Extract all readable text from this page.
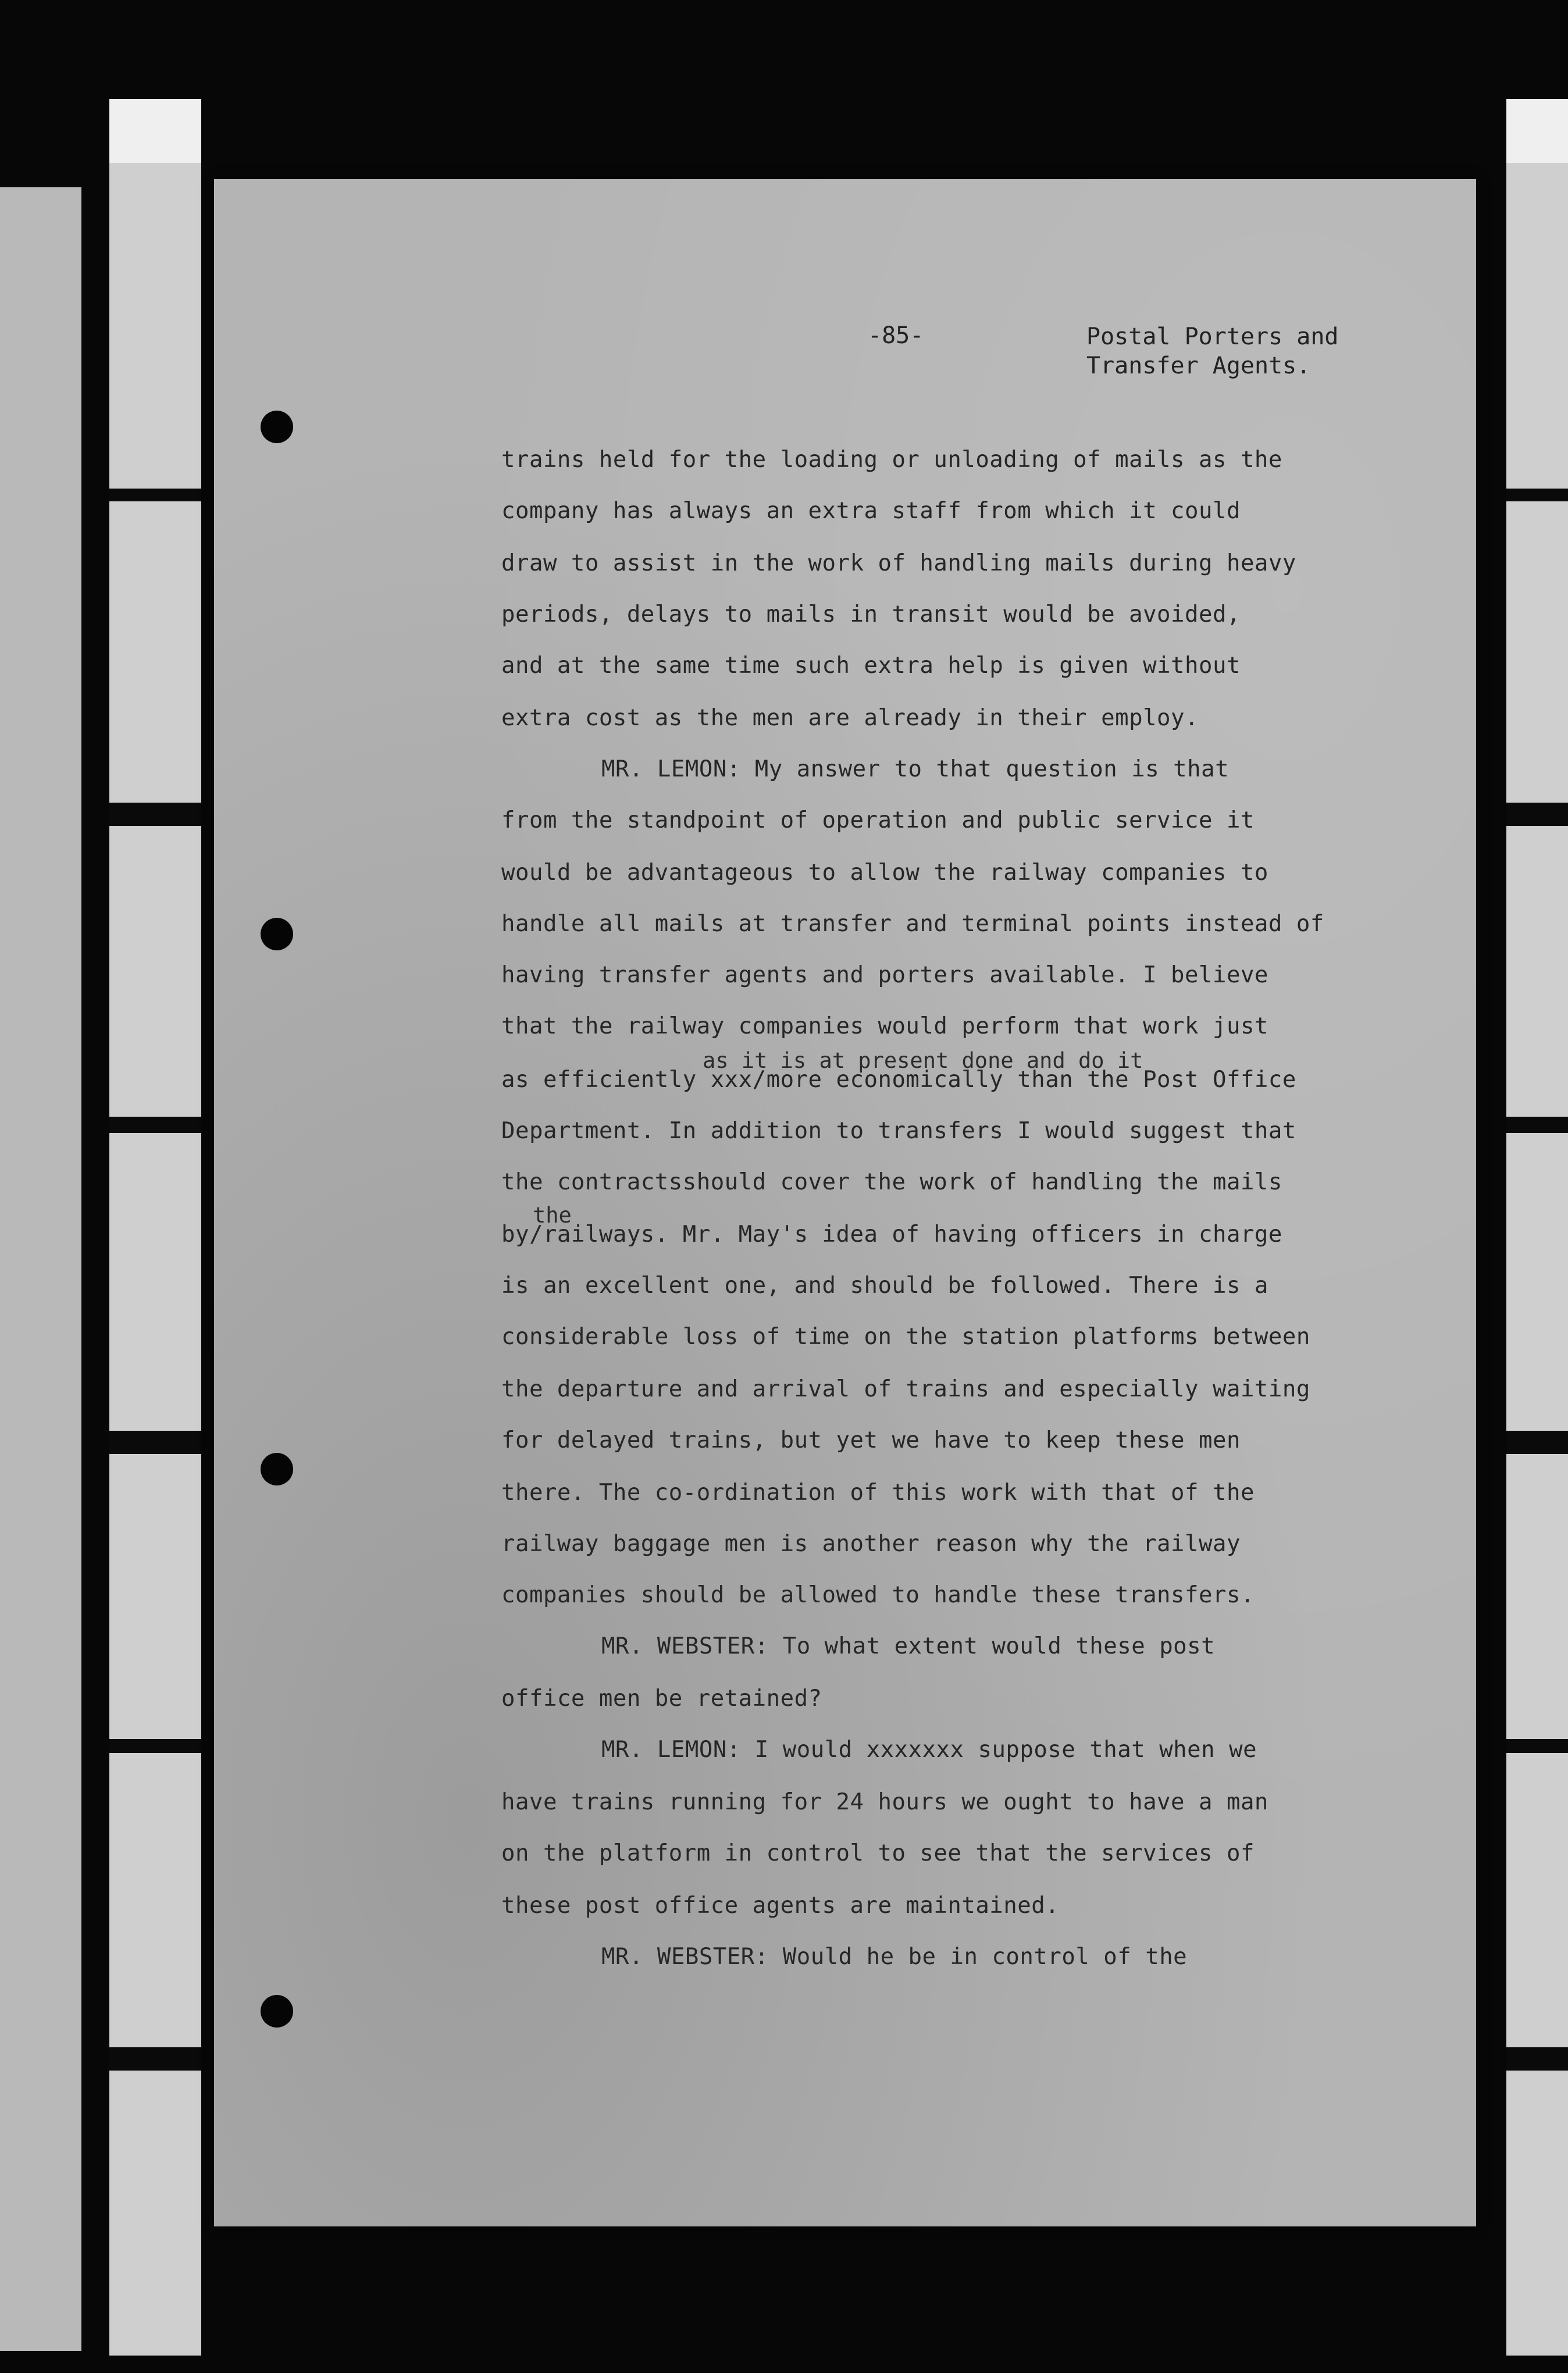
-85-	Postal Porters and
Transfer Agents.
trains held for the loading or unloading of mails as the
company has always an extra staff from which it could
draw to assist in the work of handling mails during heavy
periods, delays to mails in transit would be avoided,
and at the same time such extra help is given without
extra cost as the men are already in their employ.
MR. LEMON: My answer to that question is that
from the standpoint of operation and public service it
would be advantageous to allow the railway companies to
handle all mails at transfer and terminal points instead of
having transfer agents and porters available. I believe
that the railway companies would perform that work just
as it is at present done and do it
as efficiently xxx/more economically than the Post Office
Department. In addition to transfers I would suggest that
the contractsshould cover the work of handling the mails
the
by/railways. Mr. May's idea of having officers in charge
is an excellent one, and should be followed. There is a
considerable loss of time on the station platforms between
the departure and arrival of trains and especially waiting
for delayed trains, but yet we have to keep these men
there. The co-ordination of this work with that of the
railway baggage men is another reason why the railway
companies should be allowed to handle these transfers.
MR. WEBSTER: To what extent would these post
office men be retained?
MR. LEMON: I would xxxxxxx suppose that when we
have trains running for 24 hours we ought to have a man
on the platform in control to see that the services of
these post office agents are maintained.
MR. WEBSTER: Would he be in control of the
